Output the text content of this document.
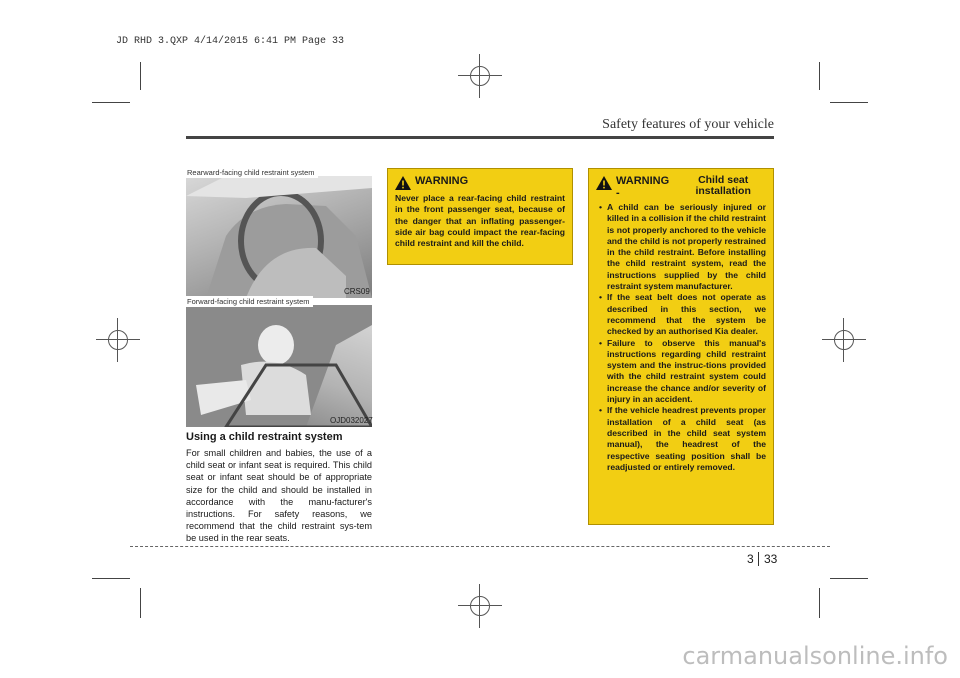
JD RHD 3.QXP 4/14/2015 6:41 PM Page 33
Safety features of your vehicle
Rearward-facing child restraint system
CRS09
Forward-facing child restraint system
OJD032027
Using a child restraint system
For small children and babies, the use of a child seat or infant seat is required. This child seat or infant seat should be of appropriate size for the child and should be installed in accordance with the manu-facturer's instructions. For safety reasons, we recommend that the child restraint sys-tem be used in the rear seats.
WARNING
Never place a rear-facing child restraint in the front passenger seat, because of the danger that an inflating passenger-side air bag could impact the rear-facing child restraint and kill the child.
WARNING -
Child seat installation
• A child can be seriously injured or killed in a collision if the child restraint is not properly anchored to the vehicle and the child is not properly restrained in the child restraint. Before installing the child restraint system, read the instructions supplied by the child restraint system manufacturer.
• If the seat belt does not operate as described in this section, we recommend that the system be checked by an authorised Kia dealer.
• Failure to observe this manual's instructions regarding child restraint system and the instruc-tions provided with the child restraint system could increase the chance and/or severity of injury in an accident.
• If the vehicle headrest prevents proper installation of a child seat (as described in the child seat system manual), the headrest of the respective seating position shall be readjusted or entirely removed.
3 33
carmanualsonline.info
